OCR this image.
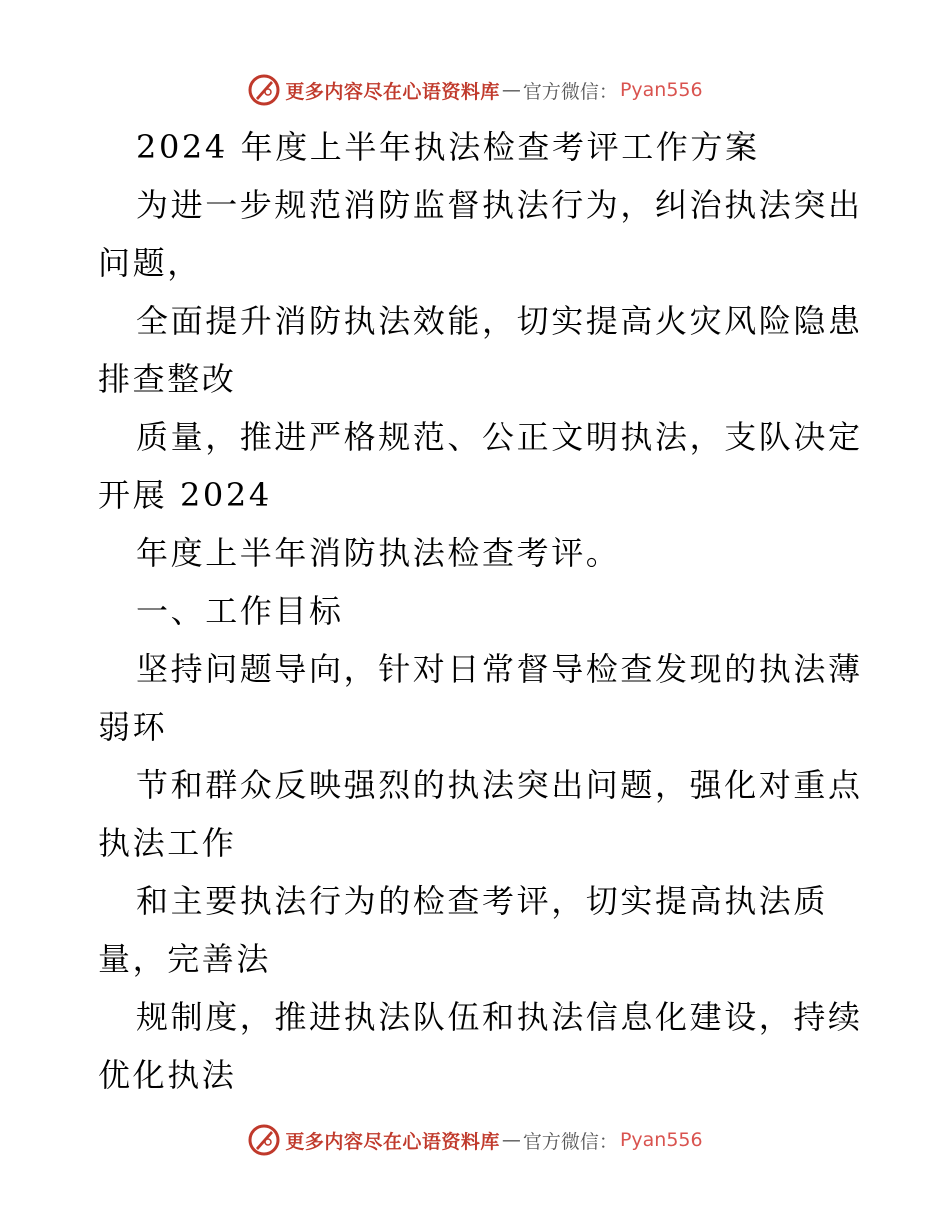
更多内容尽在心语资料库 — 官方微信： Pyan556
2024 年度上半年执法检查考评工作方案
为进一步规范消防监督执法行为，纠治执法突出
问题，
全面提升消防执法效能，切实提高火灾风险隐患
排查整改
质量，推进严格规范、公正文明执法，支队决定
开展 2024
年度上半年消防执法检查考评。
一、工作目标
坚持问题导向，针对日常督导检查发现的执法薄
弱环
节和群众反映强烈的执法突出问题，强化对重点
执法工作
和主要执法行为的检查考评，切实提高执法质
量，完善法
规制度，推进执法队伍和执法信息化建设，持续
优化执法
更多内容尽在心语资料库 — 官方微信： Pyan556
